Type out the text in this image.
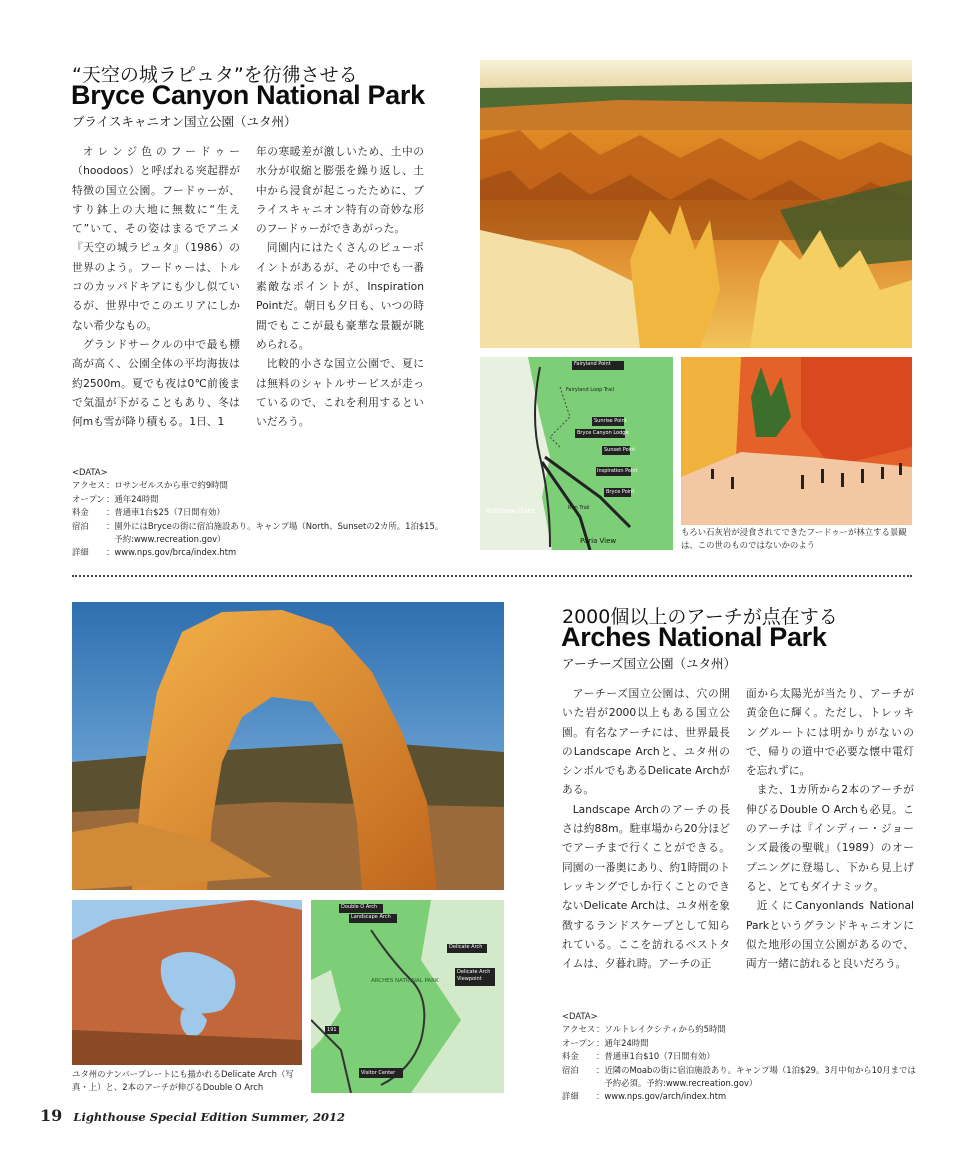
“天空の城ラピュタ”を彷彿させる
Bryce Canyon National Park
ブライスキャニオン国立公園（ユタ州）

オレンジ色のフードゥー（hoodoos）と呼ばれる突起群が特徴の国立公園。フードゥーが、すり鉢上の大地に無数に“生えて”いて、その姿はまるでアニメ『天空の城ラピュタ』（1986）の世界のよう。フードゥーは、トルコのカッパドキアにも少し似ているが、世界中でこのエリアにしかない希少なもの。

グランドサークルの中で最も標高が高く、公園全体の平均海抜は約2500m。夏でも夜は0℃前後まで気温が下がることもあり、冬は何mも雪が降り積もる。1日、1

年の寒暖差が激しいため、土中の水分が収縮と膨張を繰り返し、土中から浸食が起こったために、ブライスキャニオン特有の奇妙な形のフードゥーができあがった。

同園内にはたくさんのビューポイントがあるが、その中でも一番素敵なポイントが、Inspiration Pointだ。朝日も夕日も、いつの時間でもここが最も豪華な景観が眺められる。

比較的小さな国立公園で、夏には無料のシャトルサービスが走っているので、これを利用するといいだろう。

<DATA>
アクセス：ロサンゼルスから車で約9時間
オープン：通年24時間
料金 ：普通車1台$25（7日間有効）
宿泊 ：園外にはBryceの街に宿泊施設あり。キャンプ場（North、Sunsetの2カ所。1泊$15。
　予約:www.recreation.gov）
詳細 ：www.nps.gov/brca/index.htm
Fairyland Point
Fairyland Loop Trail
Sunrise Point
Bryce Canyon Lodge
Sunset Point
Inspiration Point
Bryce Point
Rim Trail
Rainbow Gate
Paria View
もろい石灰岩が浸食されてできたフードゥーが林立する景観は、この世のものではないかのよう
Double O Arch
Landscape Arch
Delicate Arch
Delicate Arch Viewpoint
ARCHES NATIONAL PARK
191
Visitor Center
ユタ州のナンバープレートにも描かれるDelicate Arch（写真・上）と、2本のアーチが伸びるDouble O Arch
2000個以上のアーチが点在する
Arches National Park
アーチーズ国立公園（ユタ州）

アーチーズ国立公園は、穴の開いた岩が2000以上もある国立公園。有名なアーチには、世界最長のLandscape Archと、ユタ州のシンボルでもあるDelicate Archがある。

Landscape Archのアーチの長さは約88m。駐車場から20分ほどでアーチまで行くことができる。同園の一番奥にあり、約1時間のトレッキングでしか行くことのできないDelicate Archは、ユタ州を象徴するランドスケープとして知られている。ここを訪れるベストタイムは、夕暮れ時。アーチの正

面から太陽光が当たり、アーチが黄金色に輝く。ただし、トレッキングルートには明かりがないので、帰りの道中で必要な懐中電灯を忘れずに。

また、1カ所から2本のアーチが伸びるDouble O Archも必見。このアーチは『インディー・ジョーンズ最後の聖戦』（1989）のオープニングに登場し、下から見上げると、とてもダイナミック。

近くにCanyonlands National Parkというグランドキャニオンに似た地形の国立公園があるので、両方一緒に訪れると良いだろう。

<DATA>
アクセス：ソルトレイクシティから約5時間
オープン：通年24時間
料金 ：普通車1台$10（7日間有効）
宿泊 ：近隣のMoabの街に宿泊施設あり。キャンプ場（1泊$29。3月中旬から10月までは
　予約必須。予約:www.recreation.gov）
詳細 ：www.nps.gov/arch/index.htm
19 Lighthouse Special Edition Summer, 2012
